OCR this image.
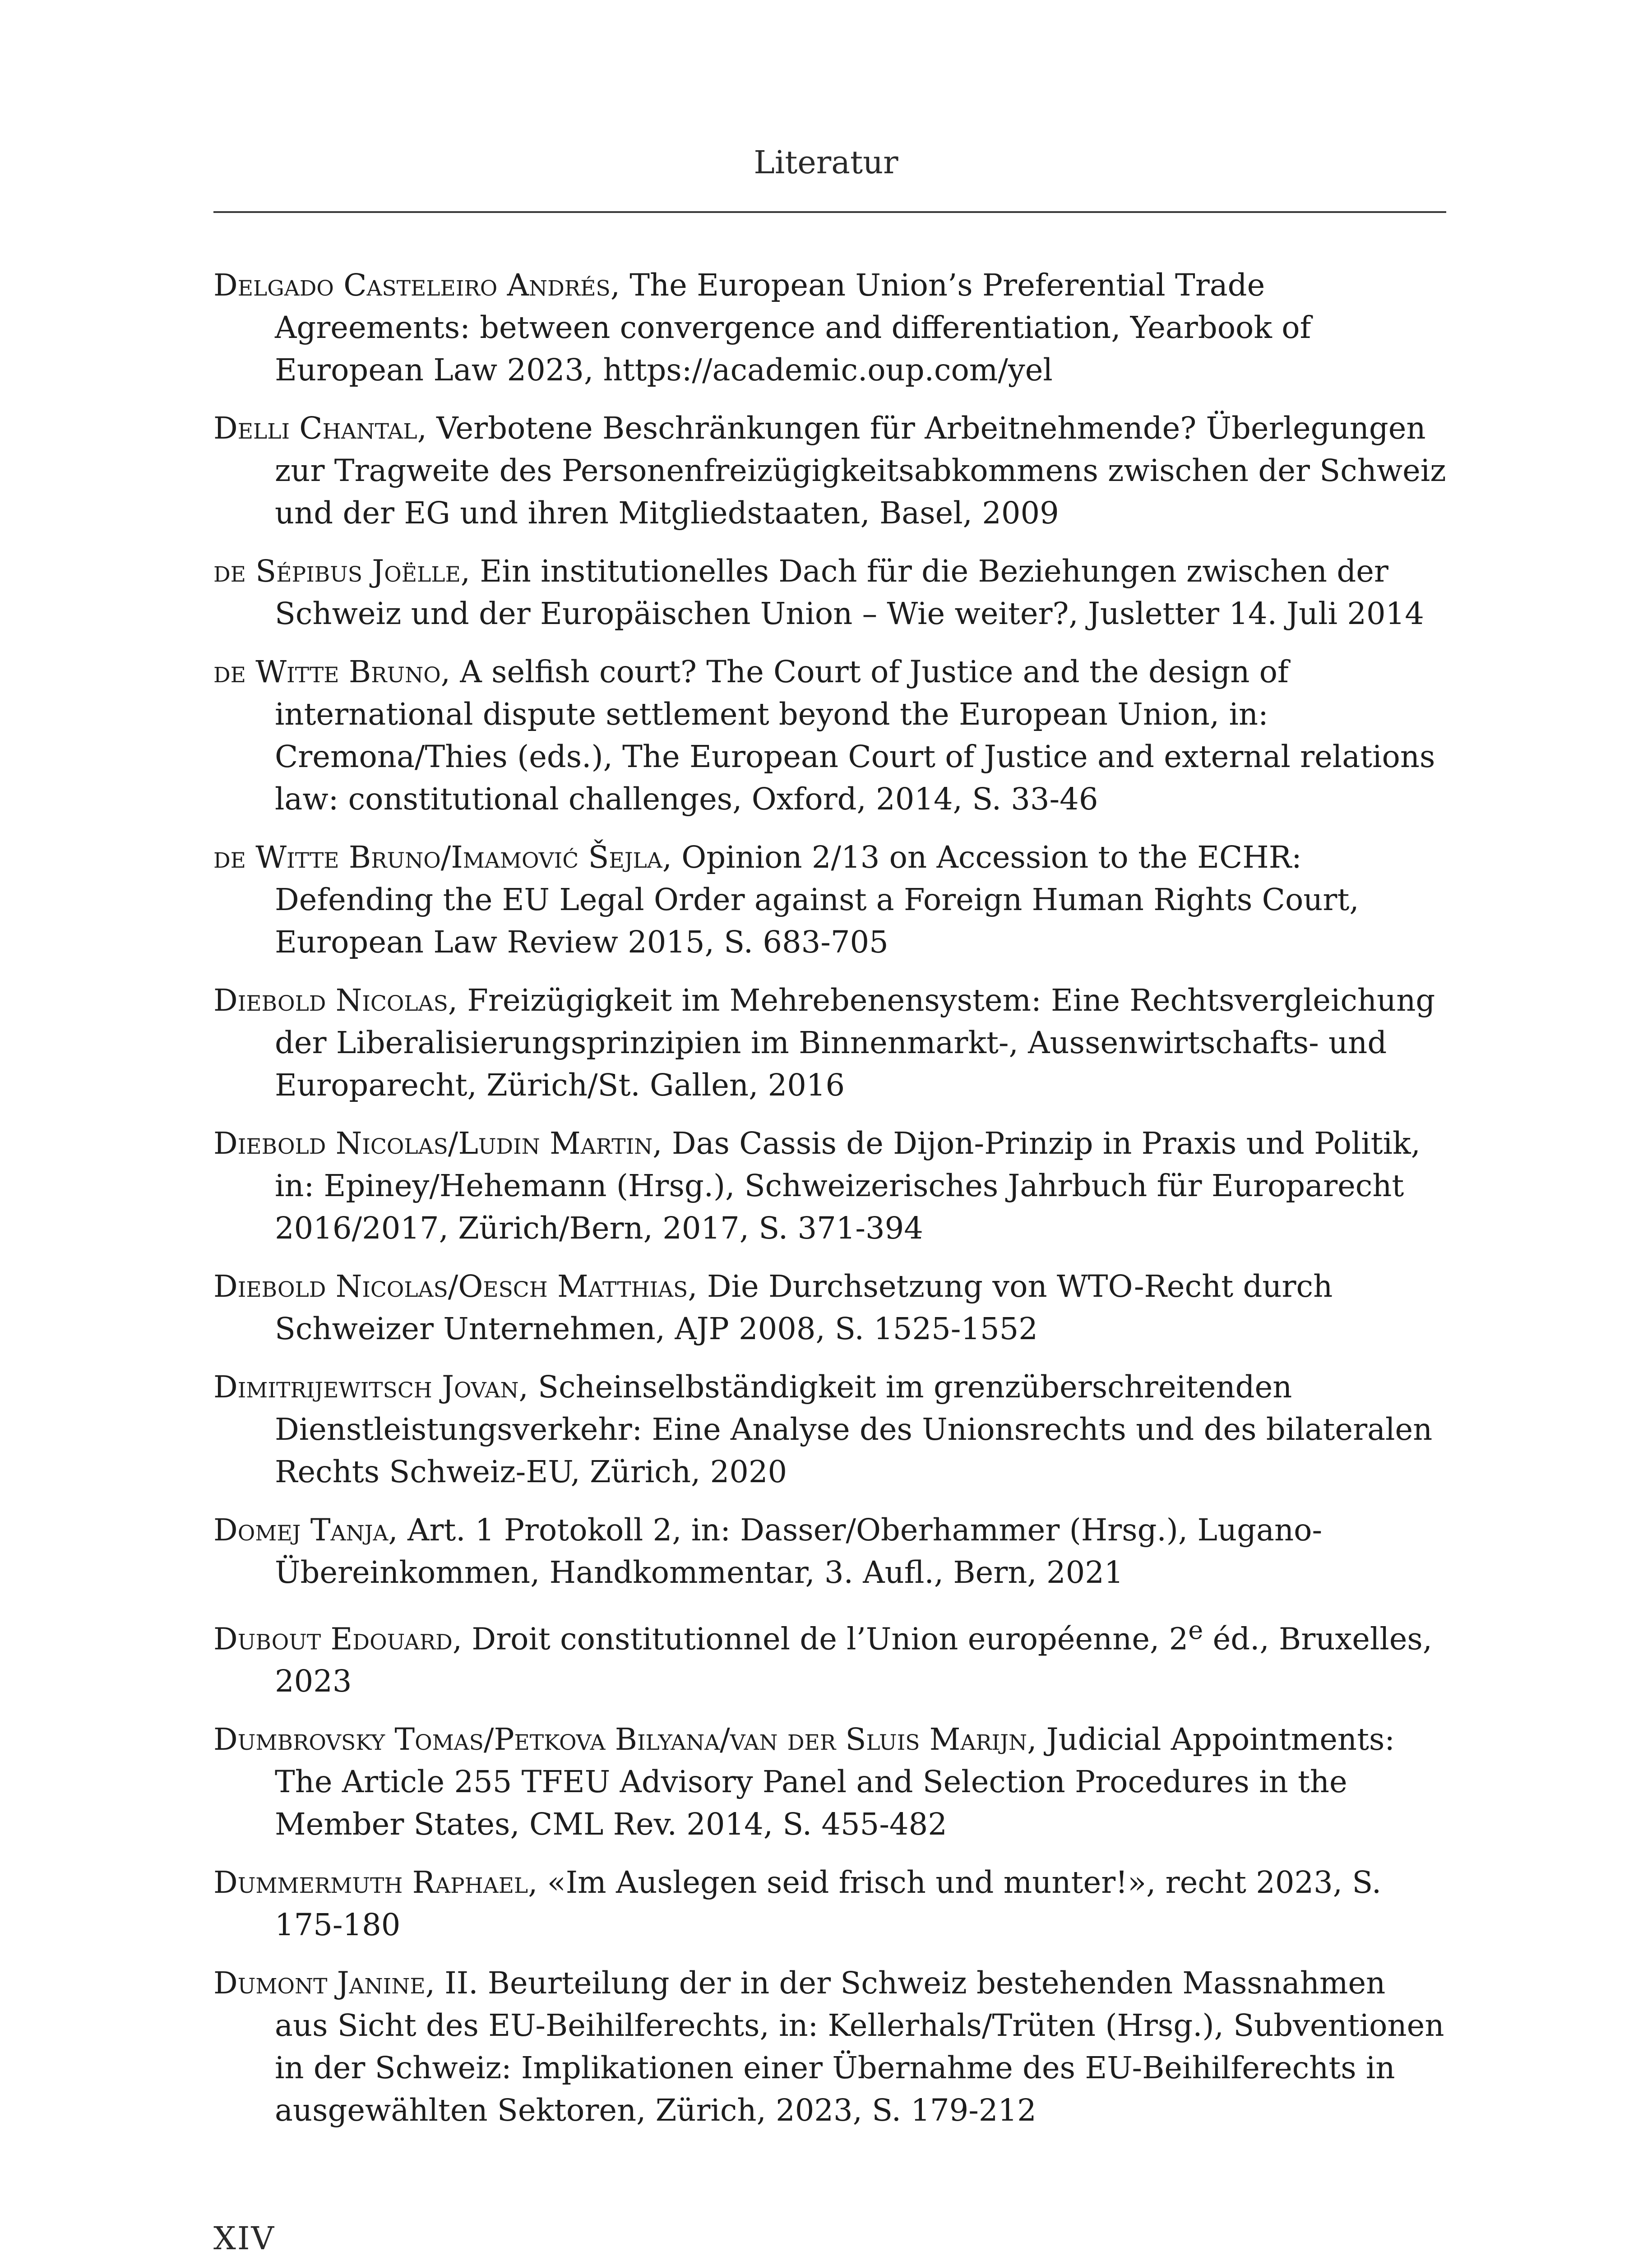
Literatur

Delgado Casteleiro Andrés, The European Union’s Preferential Trade Agreements: between convergence and differentiation, Yearbook of European Law 2023, https://academic.oup.com/yel

Delli Chantal, Verbotene Beschränkungen für Arbeitnehmende? Überlegungen zur Tragweite des Personenfreizügigkeitsabkommens zwischen der Schweiz und der EG und ihren Mitgliedstaaten, Basel, 2009

de Sépibus Joëlle, Ein institutionelles Dach für die Beziehungen zwischen der Schweiz und der Europäischen Union – Wie weiter?, Jusletter 14. Juli 2014

de Witte Bruno, A selfish court? The Court of Justice and the design of international dispute settlement beyond the European Union, in: Cremona/Thies (eds.), The European Court of Justice and external relations law: constitutional challenges, Oxford, 2014, S. 33-46

de Witte Bruno/Imamović Šejla, Opinion 2/13 on Accession to the ECHR: Defending the EU Legal Order against a Foreign Human Rights Court, European Law Review 2015, S. 683-705

Diebold Nicolas, Freizügigkeit im Mehrebenensystem: Eine Rechtsvergleichung der Liberalisierungsprinzipien im Binnenmarkt-, Aussenwirtschafts- und Europarecht, Zürich/St. Gallen, 2016

Diebold Nicolas/Ludin Martin, Das Cassis de Dijon-Prinzip in Praxis und Politik, in: Epiney/Hehemann (Hrsg.), Schweizerisches Jahrbuch für Europarecht 2016/2017, Zürich/Bern, 2017, S. 371-394

Diebold Nicolas/Oesch Matthias, Die Durchsetzung von WTO-Recht durch Schweizer Unternehmen, AJP 2008, S. 1525-1552

Dimitrijewitsch Jovan, Scheinselbständigkeit im grenzüberschreitenden Dienstleistungsverkehr: Eine Analyse des Unionsrechts und des bilateralen Rechts Schweiz-EU, Zürich, 2020

Domej Tanja, Art. 1 Protokoll 2, in: Dasser/Oberhammer (Hrsg.), Lugano-Übereinkommen, Handkommentar, 3. Aufl., Bern, 2021

Dubout Edouard, Droit constitutionnel de l’Union européenne, 2e éd., Bruxelles, 2023

Dumbrovsky Tomas/Petkova Bilyana/van der Sluis Marijn, Judicial Appointments: The Article 255 TFEU Advisory Panel and Selection Procedures in the Member States, CML Rev. 2014, S. 455-482

Dummermuth Raphael, «Im Auslegen seid frisch und munter!», recht 2023, S. 175-180

Dumont Janine, II. Beurteilung der in der Schweiz bestehenden Massnahmen aus Sicht des EU-Beihilferechts, in: Kellerhals/Trüten (Hrsg.), Subventionen in der Schweiz: Implikationen einer Übernahme des EU-Beihilferechts in ausgewählten Sektoren, Zürich, 2023, S. 179-212

XIV
